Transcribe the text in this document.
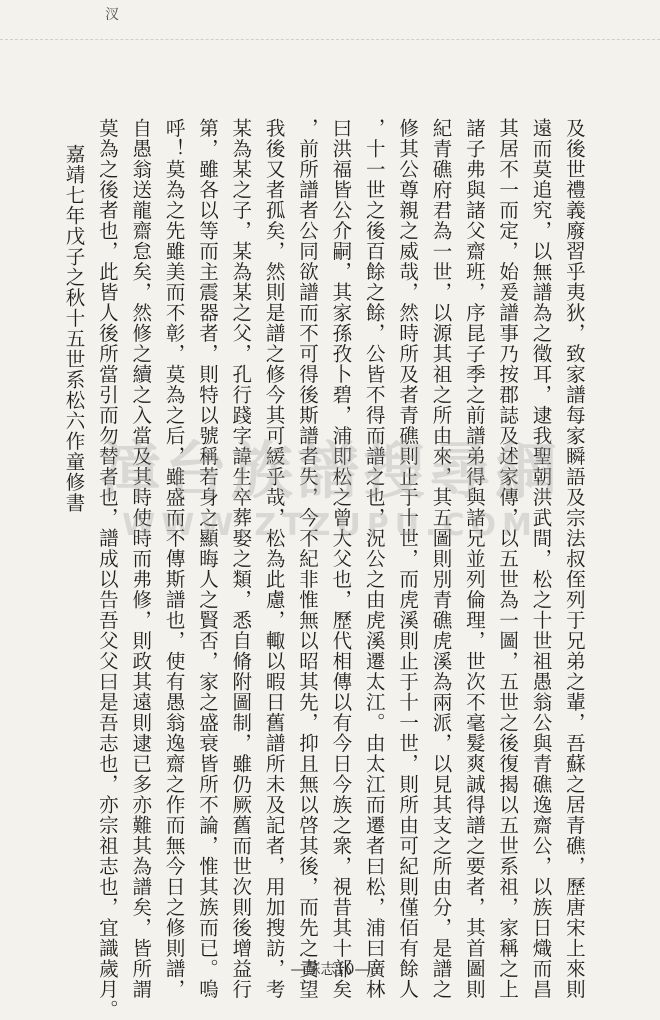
汊
及後世禮義廢習乎夷狄，致家譜每家瞬語及宗法叔侄列于兄弟之輩，吾蘇之居青礁，歷唐宋上來則
遠而莫追究，以無譜為之徵耳，逮我聖朝洪武間，松之十世祖愚翁公與青礁逸齋公，以族日熾而昌
其居不一而定，始爰譜事乃按郡誌及述家傳，以五世為一圖，五世之後復揭以五世系祖，家稱之上
諸子弗與諸父齋班，序昆子季之前譜弟得與諸兄並列倫理，世次不毫髮爽誠得譜之要者，其首圖則
紀青礁府君為一世，以源其祖之所由來，其五圖則別青礁虎溪為兩派，以見其支之所由分，是譜之
修其公尊親之威哉，然時所及者青礁則止于十世，而虎溪則止于十一世，則所由可紀則僅佰有餘人
，十一世之後百餘之餘，公皆不得而譜之也，況公之由虎溪遷太江。由太江而遷者曰松，浦曰廣林
曰洪福皆公介嗣，其家孫孜卜碧，浦即松之曾大父也，歷代相傳以有今日今族之衆，視昔其十部矣
，前所譜者公同欲譜而不可得後斯譜者失，今不紀非惟無以昭其先，抑且無以啓其後，而先之責望
我後又者孤矣，然則是譜之修今其可緩乎哉，松為此慮，輙以暇日舊譜所未及記者，用加搜訪，考
某為某之子，某為某之父，孔行踐字諱生卒葬娶之類，悉自脩附圖制，雖仍厥舊而世次則後增益行
第，雖各以等而主震器者，則特以號稱若身之顯晦人之賢否，家之盛衰皆所不論，惟其族而已。嗚
呼！莫為之先雖美而不彰，莫為之后，雖盛而不傳斯譜也，使有愚翁逸齋之作而無今日之修則譜，
自愚翁送龍齋怠矣，然修之續之入當及其時使時而弗修，則政其遠則逮已多亦難其為譜矣，皆所謂
莫為之後者也，此皆人後所當引而勿替者也，譜成以告吾父父曰是吾志也，亦宗祖志也，宜識歲月。
嘉靖七年戊子之秋十五世系松六作童修書 漳台族譜搜尋網
WWW.ZTZUPU.COM
—蘇志10—
